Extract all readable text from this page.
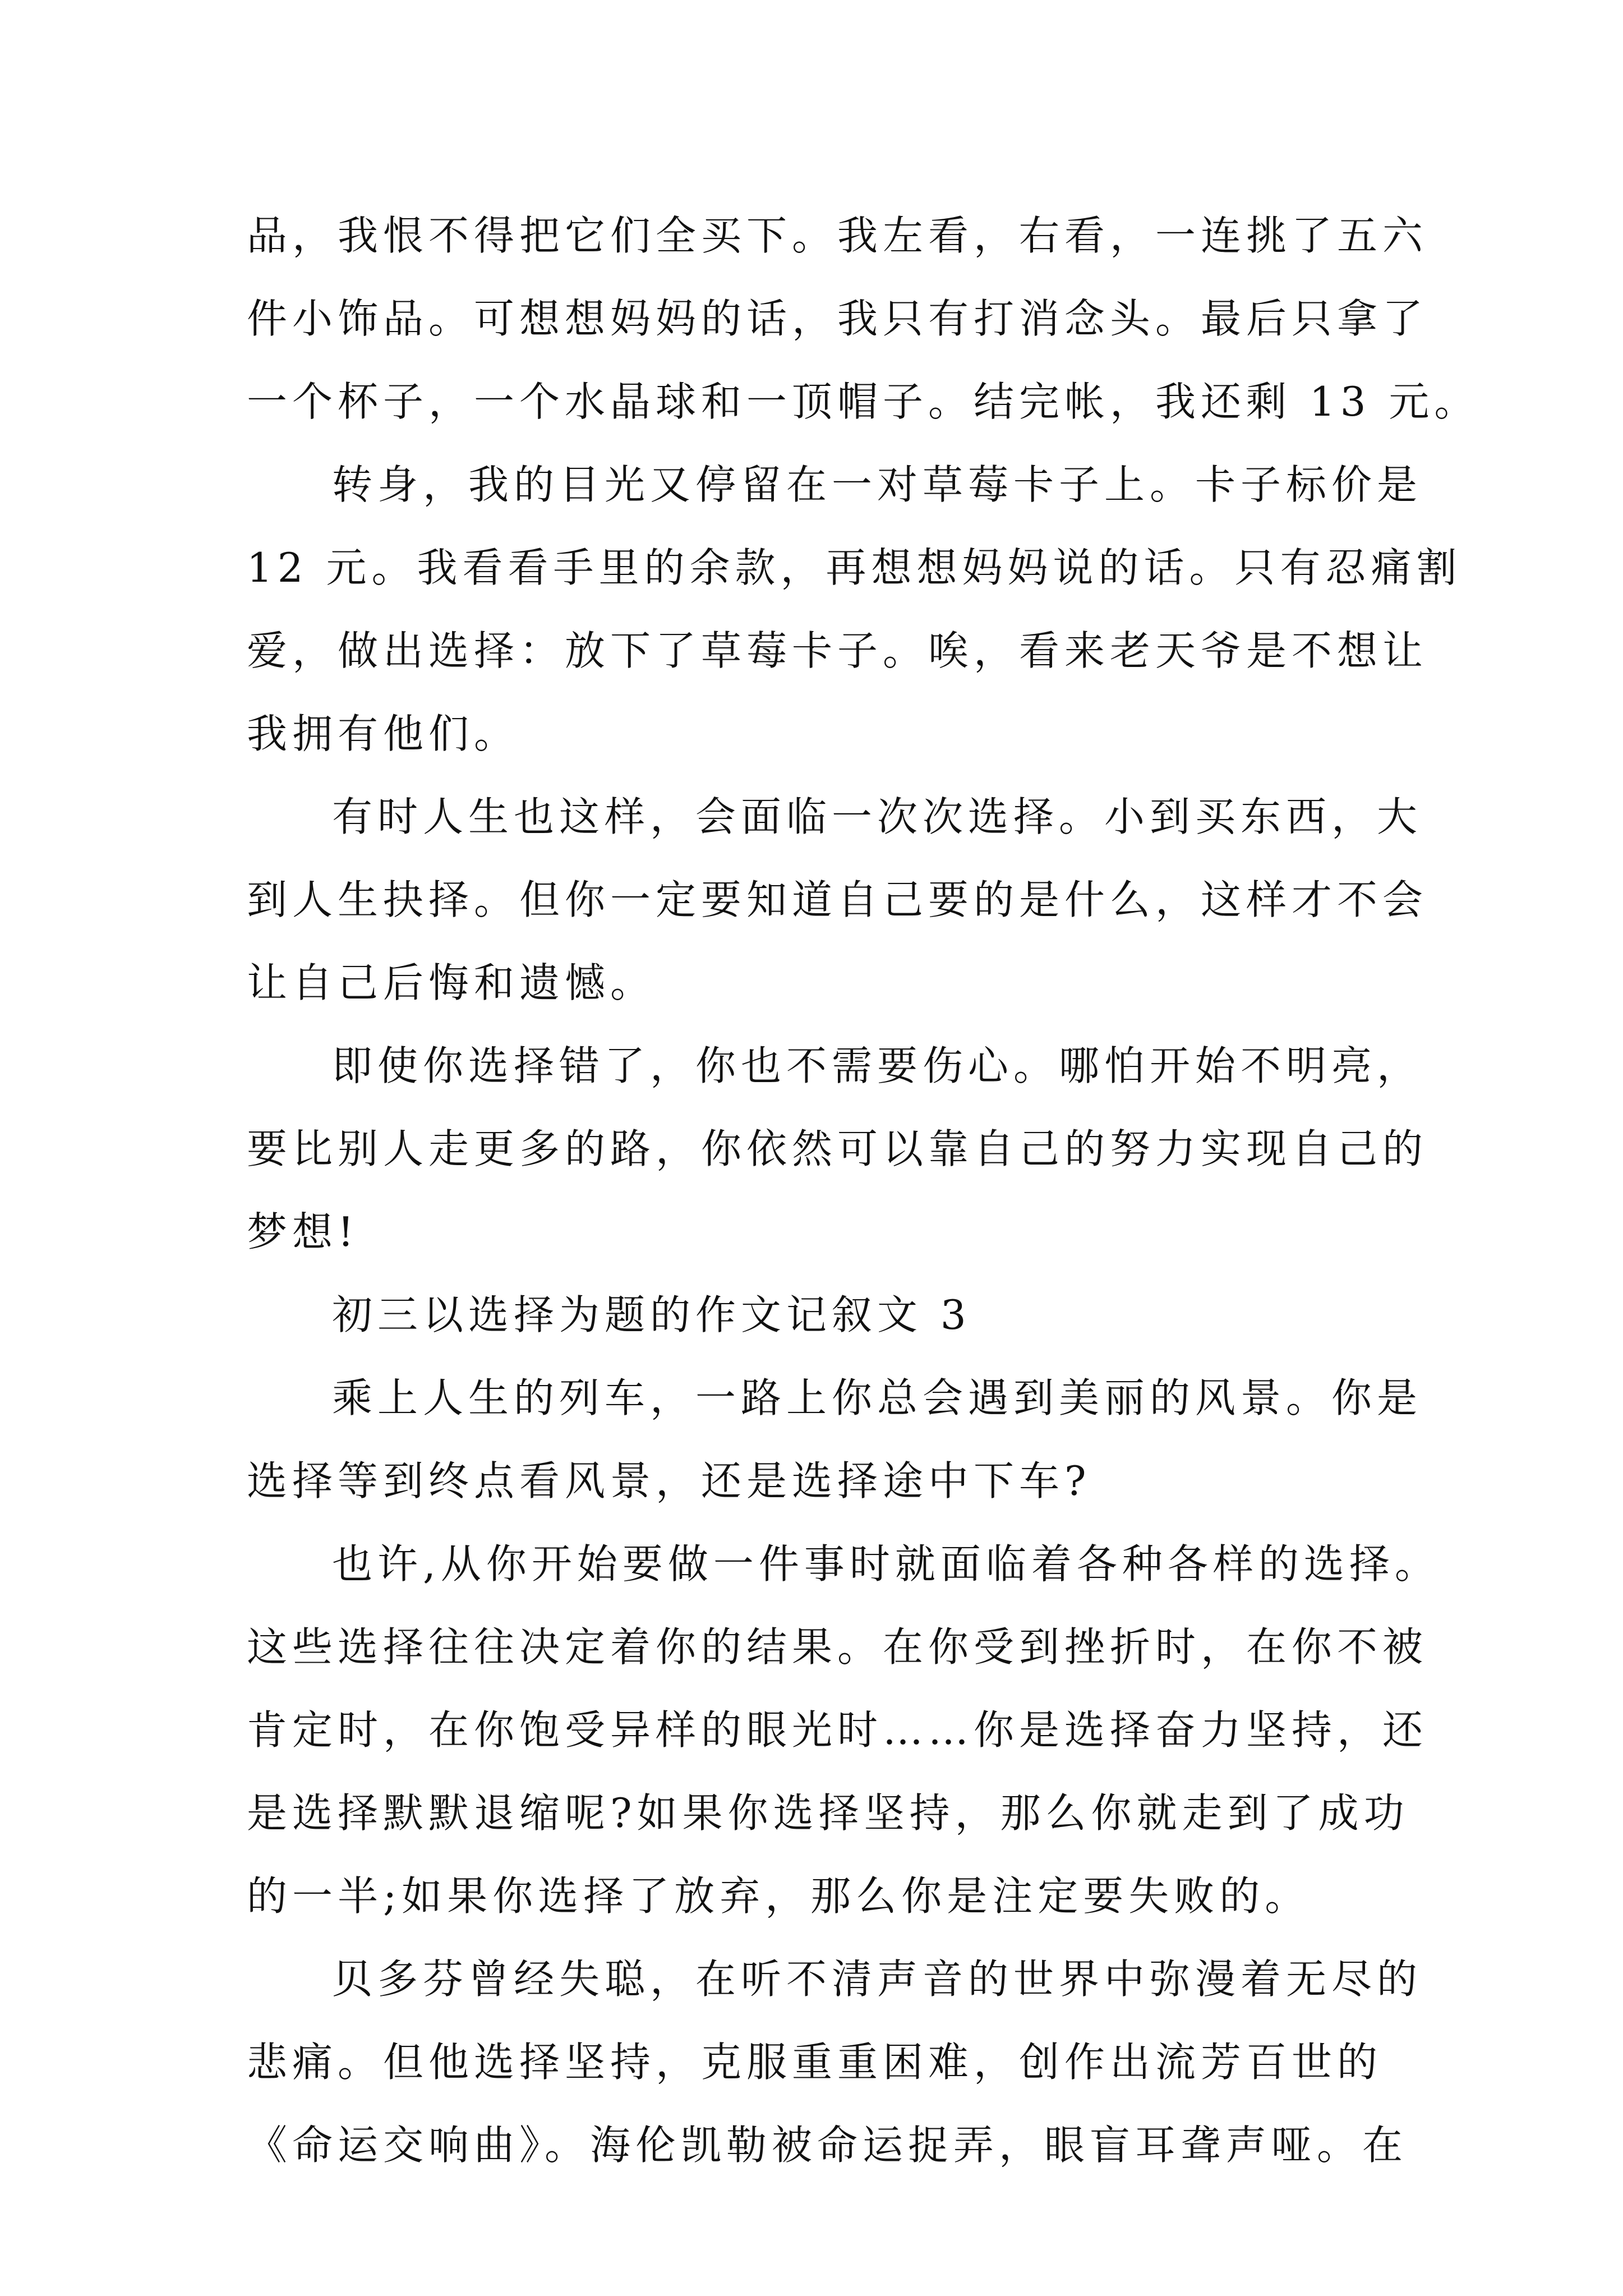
品，我恨不得把它们全买下。我左看，右看，一连挑了五六
件小饰品。可想想妈妈的话，我只有打消念头。最后只拿了
一个杯子，一个水晶球和一顶帽子。结完帐，我还剩 13 元。
转身，我的目光又停留在一对草莓卡子上。卡子标价是
12 元。我看看手里的余款，再想想妈妈说的话。只有忍痛割
爱，做出选择：放下了草莓卡子。唉，看来老天爷是不想让
我拥有他们。
有时人生也这样，会面临一次次选择。小到买东西，大
到人生抉择。但你一定要知道自己要的是什么，这样才不会
让自己后悔和遗憾。
即使你选择错了，你也不需要伤心。哪怕开始不明亮，
要比别人走更多的路，你依然可以靠自己的努力实现自己的
梦想!
初三以选择为题的作文记叙文 3
乘上人生的列车，一路上你总会遇到美丽的风景。你是
选择等到终点看风景，还是选择途中下车?
也许,从你开始要做一件事时就面临着各种各样的选择。
这些选择往往决定着你的结果。在你受到挫折时，在你不被
肯定时，在你饱受异样的眼光时……你是选择奋力坚持，还
是选择默默退缩呢?如果你选择坚持，那么你就走到了成功
的一半;如果你选择了放弃，那么你是注定要失败的。
贝多芬曾经失聪，在听不清声音的世界中弥漫着无尽的
悲痛。但他选择坚持，克服重重困难，创作出流芳百世的
《命运交响曲》。海伦凯勒被命运捉弄，眼盲耳聋声哑。在
